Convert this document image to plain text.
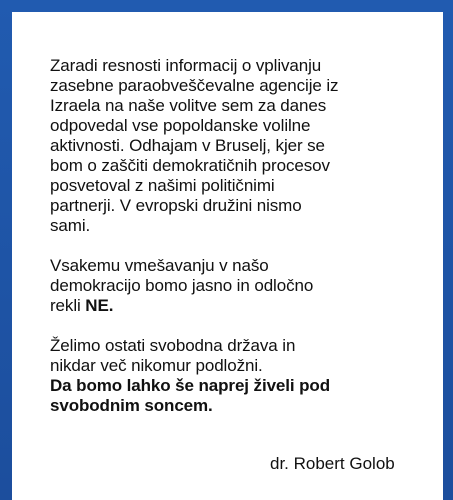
Zaradi resnosti informacij o vplivanju
zasebne paraobveščevalne agencije iz
Izraela na naše volitve sem za danes
odpovedal vse popoldanske volilne
aktivnosti. Odhajam v Bruselj, kjer se
bom o zaščiti demokratičnih procesov
posvetoval z našimi političnimi
partnerji. V evropski družini nismo
sami.

Vsakemu vmešavanju v našo
demokracijo bomo jasno in odločno
rekli NE.

Želimo ostati svobodna država in
nikdar več nikomur podložni.
Da bomo lahko še naprej živeli pod
svobodnim soncem.

dr. Robert Golob
